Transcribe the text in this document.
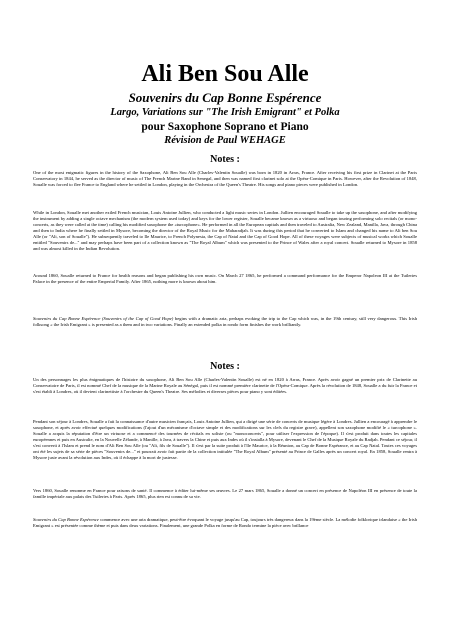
Ali Ben Sou Alle
Souvenirs du Cap Bonne Espérence
Largo, Variations sur "The Irish Emigrant" et Polka
pour Saxophone Soprano et Piano
Révision de Paul WEHAGE
Notes :

One of the most enigmatic figures in the history of the Saxophone, Ali Ben Sou Alle (Charles-Valentin Soualle) was born in 1820 in Arras, France. After receiving his first prize in Clarinet at the Paris Conservatory in 1844, he served as the director of music of The French Marine Band in Senegal, and then was named first clarinet solo at the Opéra-Comique in Paris. However, after the Revolution of 1848, Soualle was forced to flee France to England where he settled in London, playing in the Orchestra of the Queen's Theatre. His songs and piano pieces were published in London.

While in London, Soualle met another exiled French musician, Louis Antoine Jullien, who conducted a light music series in London. Jullien encouraged Soualle to take up the saxophone, and after modifying the instrument by adding a single octave mechanism (the modern system used today) and keys for the lower register, Soualle became known as a virtuoso and began touring performing solo recitals (or mono-concerts, as they were called at the time) calling his modified saxophone the «turcophone». He performed in all the European capitals and then traveled to Australia, New Zealand, Manilla, Java, through China and then to India where he finally settled in Mysore, becoming the director of the Royal Music for the Maharadjah. It was during this period that he converted to Islam and changed his name to Ali ben Sou Alle (or "Ali, son of Soualle"). He subsequently traveled to Ile Maurice, to French Polynesia, the Cap of Natal and the Cap of Good Hope. All of these voyages were subjects of musical works which Soualle entitled "Souvenirs de..." and may perhaps have been part of a collection known as "The Royal Album" which was presented to the Prince of Wales after a royal concert. Soualle returned to Mysore in 1858 and was almost killed in the Indian Revolution.

Around 1860, Soualle returned to France for health reasons and began publishing his own music. On March 27 1865, he performed a command performance for the Emperor Napoleon III at the Tuileries Palace in the presence of the entire Emperial Family. After 1865, nothing more is known about him.

Souvenirs du Cap Bonne Espérence (Souvenirs of the Cap of Good Hope) begins with a dramatic aria, perhaps evoking the trip to the Cap which was, in the 19th century, still very dangerous. This Irish folksong « the Irish Emigrant » is presented as a them and in two variations. Finally an extended polka in rondo form finishes the work brilliantly.

Notes :

Un des personnages les plus énigmatiques de l'histoire du saxophone, Ali Ben Sou Alle (Charles-Valentin Soualle) est né en 1820 à Arras, France. Après avoir gagné un premier prix de Clarinette au Conservatoire de Paris, il est nommé Chef de la musique de la Marine Royale au Sénégal, puis il est nommé première clarinette de l'Opéra-Comique. Après la révolution de 1848, Soualle a du fuir la France et s'est établi à Londres, où il devient clarinettiste à l'orchestre du Queen's Theatre. Ses mélodies et diverses pièces pour piano y sont éditées.

Pendant son séjour à Londres, Soualle a fait la connaissance d'autre musicien français, Louis Antoine Jullien, qui a dirigé une série de concerts de musique légère à Londres. Jullien a encouragé à apprendre le saxophone, et après avoir effectué quelques modifications (l'ajout d'un mécanisme d'octave simple et des modifications sur les clefs du registre grave), appellent son saxophone modifié le « turcophone ». Soualle a acquis la réputation d'être un virtuose et a commencé des tournées de récitals en soliste (ou "monoconcerts", pour utiliser l'expression de l'époque). Il s'est produit dans toutes les capitales européennes et puis en Australie, en la Nouvelle Zélande, à Manille, à Java, à travers la Chine et puis aux Indes où il s'installa à Mysore, devenant le Chef de la Musique Royale du Radjah. Pendant ce séjour, il s'est converti à l'Islam et prend le nom d'Ali Ben Sou Alle (ou "Ali, fils de Soualle"). Il s'est par la suite produit à l'île Maurice, à la Réunion, au Cap de Bonne Espérance, et au Cap Natal. Toutes ces voyages ont été les sujets de sa série de pièces "Souvenirs de..." et pourrait avoir fait partie de la collection intitulée "The Royal Album" présenté au Prince de Galles après un concert royal. En 1858, Soualle rentra à Mysore juste avant la révolution aux Indes, où il échappe à la mort de justesse.

Vers 1860, Soualle renonme en France pour raisons de santé. Il commence à éditer lui-même ses œuvres. Le 27 mars 1865, Soualle a donné un concert en présence de Napoléon III en présence de toute la famille impériale aux palais des Tuileries à Paris. Après 1865, plus rien est connu de sa vie.

Souvenirs du Cap Bonne Espérence commence avec une aria dramatique, peut-être évoquant le voyage jusqu'au Cap, toujours très dangereux dans la 19ème siècle. La mélodie folklorique irlandaise « the Irish Emigrant » est présentée comme thème et puis dans deux variations. Finalement, une grande Polka en forme de Rondo termine la pièce avec brillance
